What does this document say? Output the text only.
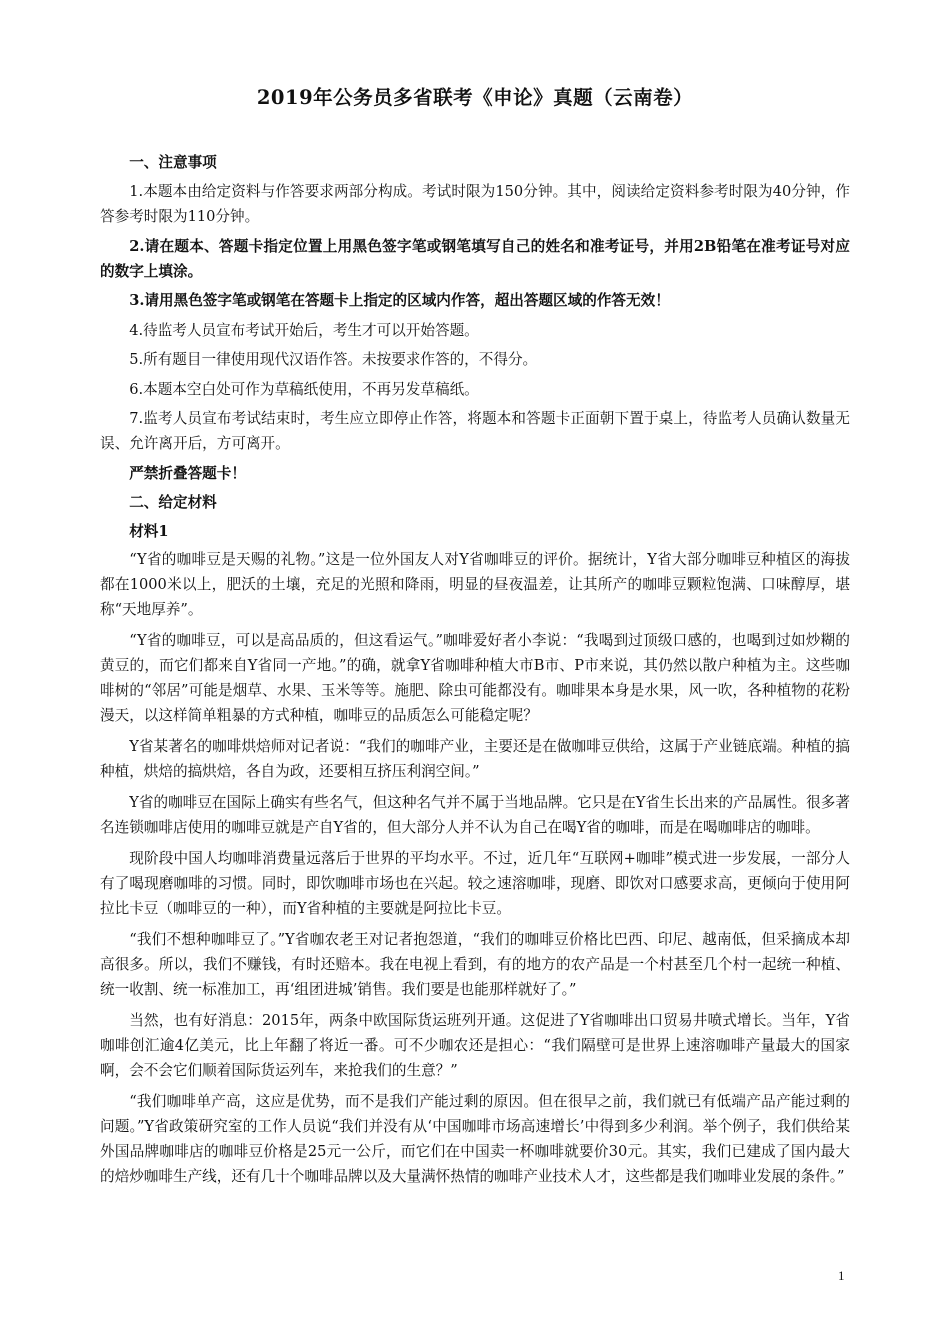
2019年公务员多省联考《申论》真题（云南卷）
一、注意事项
1.本题本由给定资料与作答要求两部分构成。考试时限为150分钟。其中，阅读给定资料参考时限为40分钟，作答参考时限为110分钟。
2.请在题本、答题卡指定位置上用黑色签字笔或钢笔填写自己的姓名和准考证号，并用2B铅笔在准考证号对应的数字上填涂。
3.请用黑色签字笔或钢笔在答题卡上指定的区域内作答，超出答题区域的作答无效！
4.待监考人员宣布考试开始后，考生才可以开始答题。
5.所有题目一律使用现代汉语作答。未按要求作答的，不得分。
6.本题本空白处可作为草稿纸使用，不再另发草稿纸。
7.监考人员宣布考试结束时，考生应立即停止作答，将题本和答题卡正面朝下置于桌上，待监考人员确认数量无误、允许离开后，方可离开。
严禁折叠答题卡！
二、给定材料
材料1
“Y省的咖啡豆是天赐的礼物。”这是一位外国友人对Y省咖啡豆的评价。据统计，Y省大部分咖啡豆种植区的海拔都在1000米以上，肥沃的土壤，充足的光照和降雨，明显的昼夜温差，让其所产的咖啡豆颗粒饱满、口味醇厚，堪称“天地厚养”。
“Y省的咖啡豆，可以是高品质的，但这看运气。”咖啡爱好者小李说：“我喝到过顶级口感的，也喝到过如炒糊的黄豆的，而它们都来自Y省同一产地。”的确，就拿Y省咖啡种植大市B市、P市来说，其仍然以散户种植为主。这些咖啡树的“邻居”可能是烟草、水果、玉米等等。施肥、除虫可能都没有。咖啡果本身是水果，风一吹，各种植物的花粉漫天，以这样简单粗暴的方式种植，咖啡豆的品质怎么可能稳定呢？
Y省某著名的咖啡烘焙师对记者说：“我们的咖啡产业，主要还是在做咖啡豆供给，这属于产业链底端。种植的搞种植，烘焙的搞烘焙，各自为政，还要相互挤压利润空间。”
Y省的咖啡豆在国际上确实有些名气，但这种名气并不属于当地品牌。它只是在Y省生长出来的产品属性。很多著名连锁咖啡店使用的咖啡豆就是产自Y省的，但大部分人并不认为自己在喝Y省的咖啡，而是在喝咖啡店的咖啡。
现阶段中国人均咖啡消费量远落后于世界的平均水平。不过，近几年“互联网+咖啡”模式进一步发展，一部分人有了喝现磨咖啡的习惯。同时，即饮咖啡市场也在兴起。较之速溶咖啡，现磨、即饮对口感要求高，更倾向于使用阿拉比卡豆（咖啡豆的一种），而Y省种植的主要就是阿拉比卡豆。
“我们不想种咖啡豆了。”Y省咖农老王对记者抱怨道，“我们的咖啡豆价格比巴西、印尼、越南低，但采摘成本却高很多。所以，我们不赚钱，有时还赔本。我在电视上看到，有的地方的农产品是一个村甚至几个村一起统一种植、统一收割、统一标准加工，再‘组团进城’销售。我们要是也能那样就好了。”
当然，也有好消息：2015年，两条中欧国际货运班列开通。这促进了Y省咖啡出口贸易井喷式增长。当年，Y省咖啡创汇逾4亿美元，比上年翻了将近一番。可不少咖农还是担心：“我们隔壁可是世界上速溶咖啡产量最大的国家啊，会不会它们顺着国际货运列车，来抢我们的生意？”
“我们咖啡单产高，这应是优势，而不是我们产能过剩的原因。但在很早之前，我们就已有低端产品产能过剩的问题。”Y省政策研究室的工作人员说“我们并没有从‘中国咖啡市场高速增长’中得到多少利润。举个例子，我们供给某外国品牌咖啡店的咖啡豆价格是25元一公斤，而它们在中国卖一杯咖啡就要价30元。其实，我们已建成了国内最大的焙炒咖啡生产线，还有几十个咖啡品牌以及大量满怀热情的咖啡产业技术人才，这些都是我们咖啡业发展的条件。”
1
